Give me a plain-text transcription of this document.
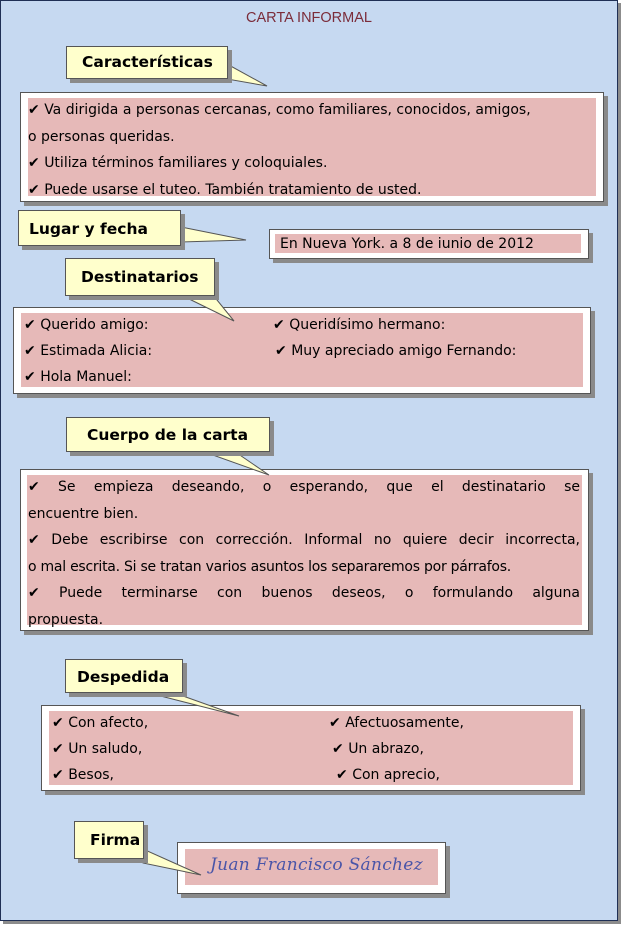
CARTA INFORMAL
Características
✔ Va dirigida a personas cercanas, como familiares, conocidos, amigos,
o personas queridas.
✔ Utiliza términos familiares y coloquiales.
✔ Puede usarse el tuteo. También tratamiento de usted.
Lugar y fecha
En Nueva York. a 8 de iunio de 2012
Destinatarios
✔ Querido amigo:
✔ Estimada Alicia:
✔ Hola Manuel:
✔ Queridísimo hermano:
✔ Muy apreciado amigo Fernando:
Cuerpo de la carta
✔ Se empieza deseando, o esperando, que el destinatario se
encuentre bien.
✔ Debe escribirse con corrección. Informal no quiere decir incorrecta,
o mal escrita. Si se tratan varios asuntos los separaremos por párrafos.
✔ Puede terminarse con buenos deseos, o formulando alguna
propuesta.
Despedida
✔ Con afecto,
✔ Un saludo,
✔ Besos,
✔ Afectuosamente,
✔ Un abrazo,
✔ Con aprecio,
Firma
Juan Francisco Sánchez
